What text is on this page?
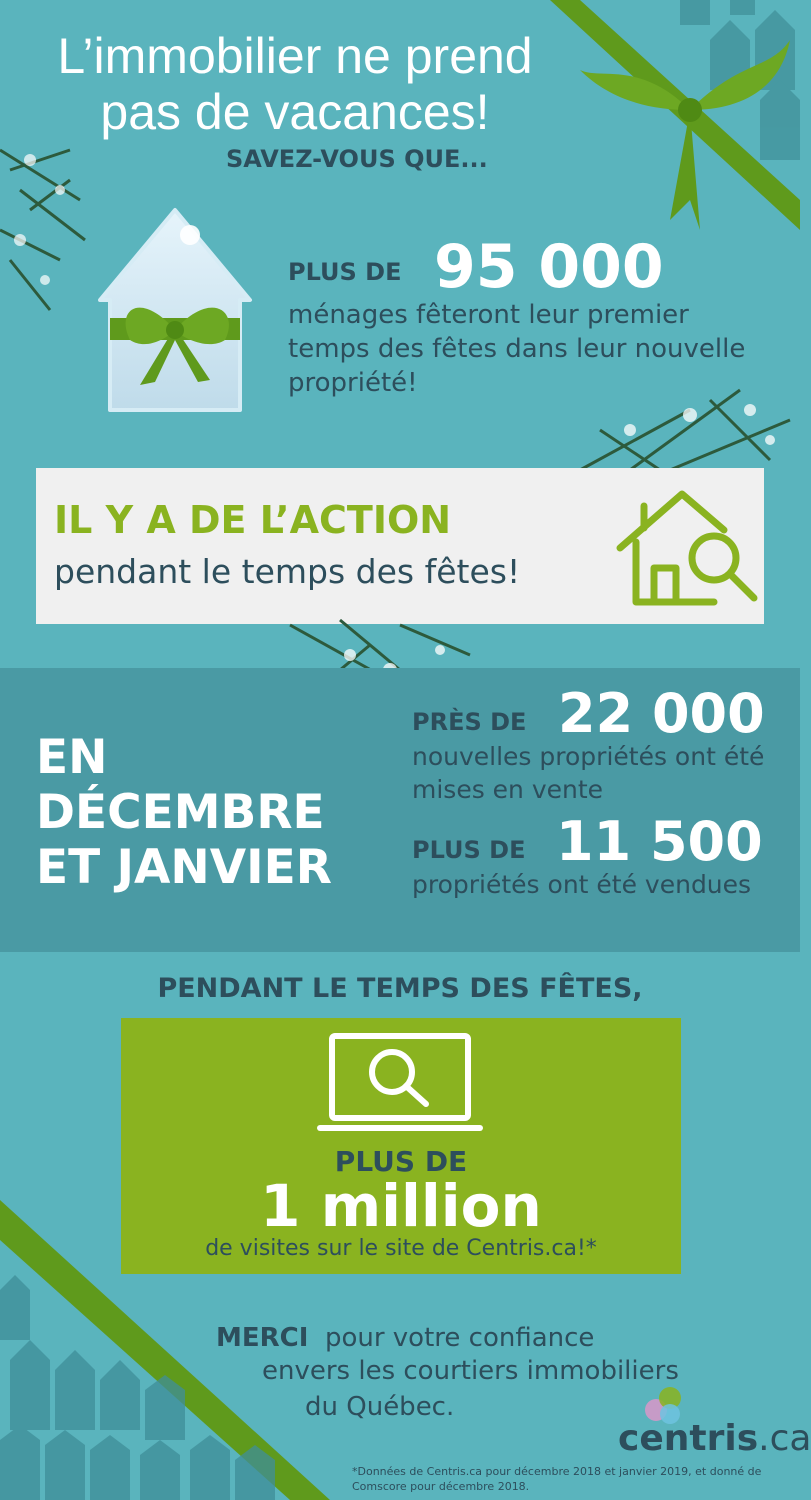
L’immobilier ne prend
pas de vacances!
SAVEZ-VOUS QUE...
PLUS DE 95 000
ménages fêteront leur premier temps des fêtes dans leur nouvelle propriété!
IL Y A DE L’ACTION
pendant le temps des fêtes!
EN
DÉCEMBRE
ET JANVIER
PRÈS DE 22 000
nouvelles propriétés ont été mises en vente
PLUS DE 11 500
propriétés ont été vendues
PENDANT LE TEMPS DES FÊTES,
PLUS DE
1 million
de visites sur le site de Centris.ca!*
MERCI pour votre confiance
envers les courtiers immobiliers
du Québec.
centris.ca
*Données de Centris.ca pour décembre 2018 et janvier 2019, et donné de Comscore pour décembre 2018.
